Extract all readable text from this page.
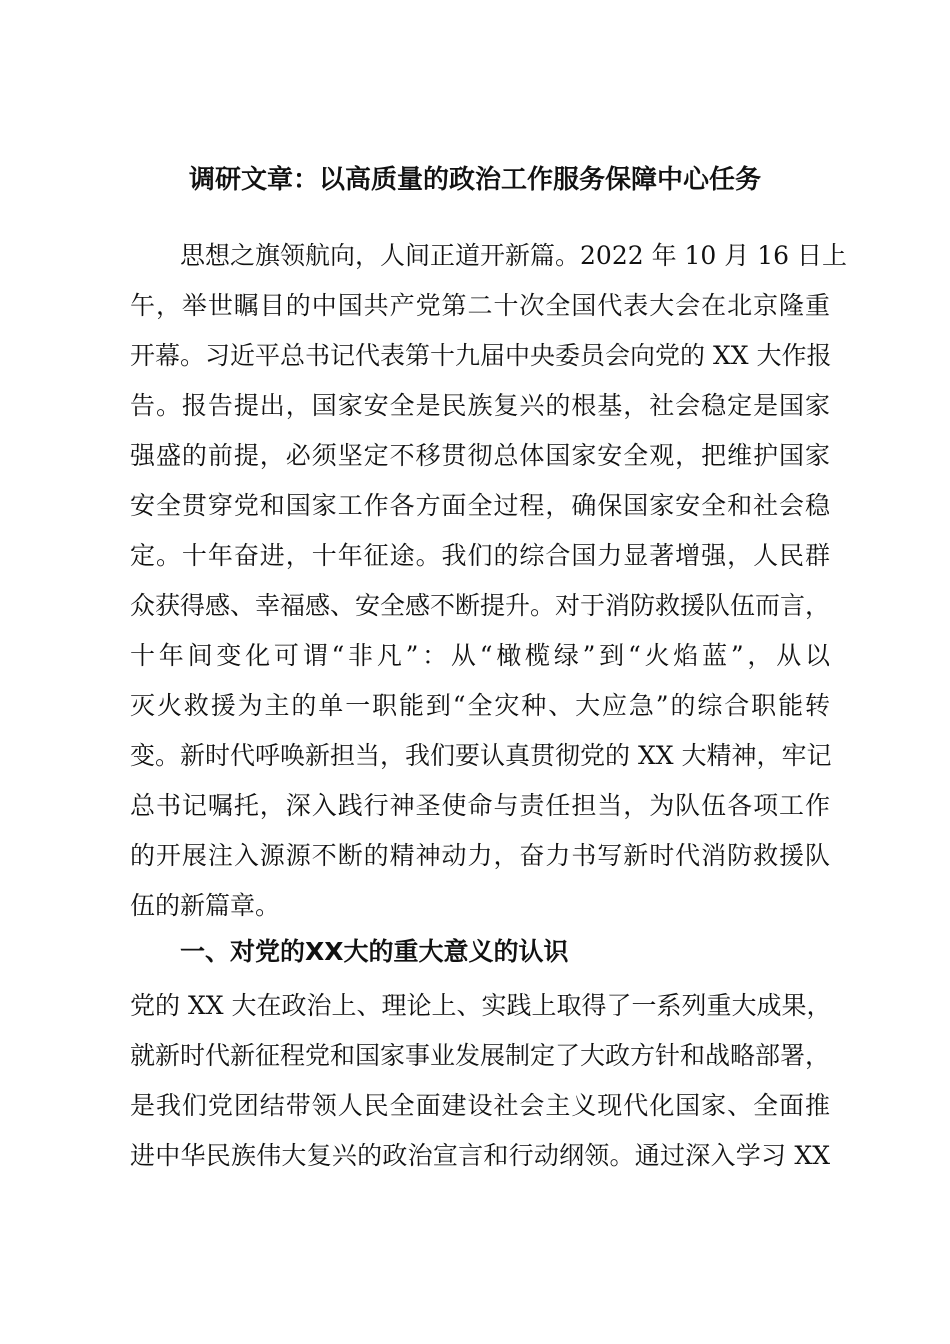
调研文章：以高质量的政治工作服务保障中心任务
思想之旗领航向，人间正道开新篇。2022 年 10 月 16 日上
午，举世瞩目的中国共产党第二十次全国代表大会在北京隆重
开幕。习近平总书记代表第十九届中央委员会向党的 XX 大作报
告。报告提出，国家安全是民族复兴的根基，社会稳定是国家
强盛的前提，必须坚定不移贯彻总体国家安全观，把维护国家
安全贯穿党和国家工作各方面全过程，确保国家安全和社会稳
定。十年奋进，十年征途。我们的综合国力显著增强，人民群
众获得感、幸福感、安全感不断提升。对于消防救援队伍而言，
十年间变化可谓“非凡”：从“橄榄绿”到“火焰蓝”，从以
灭火救援为主的单一职能到“全灾种、大应急”的综合职能转
变。新时代呼唤新担当，我们要认真贯彻党的 XX 大精神，牢记
总书记嘱托，深入践行神圣使命与责任担当，为队伍各项工作
的开展注入源源不断的精神动力，奋力书写新时代消防救援队
伍的新篇章。
一、对党的XX大的重大意义的认识
党的 XX 大在政治上、理论上、实践上取得了一系列重大成果，
就新时代新征程党和国家事业发展制定了大政方针和战略部署，
是我们党团结带领人民全面建设社会主义现代化国家、全面推
进中华民族伟大复兴的政治宣言和行动纲领。通过深入学习 XX
